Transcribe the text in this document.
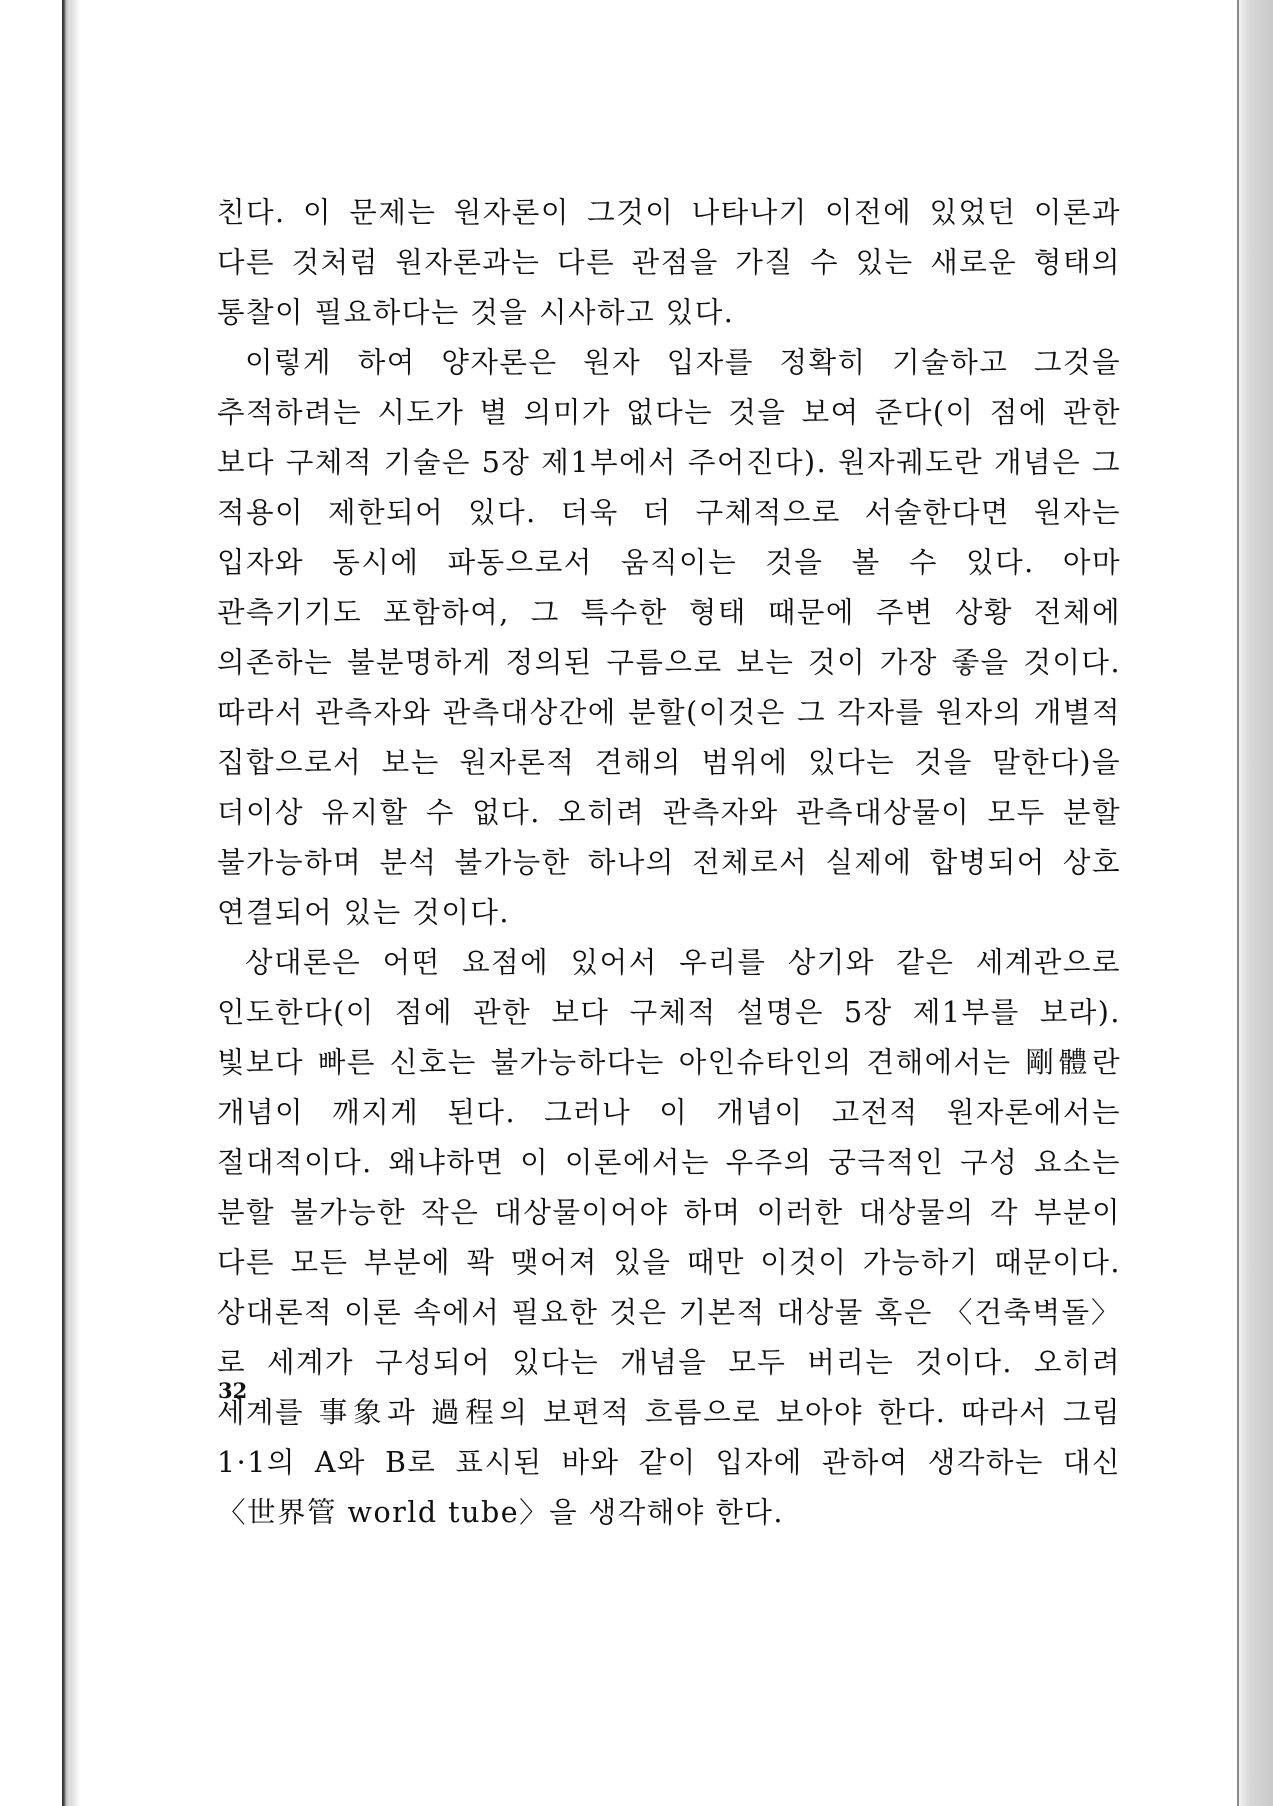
친다. 이 문제는 원자론이 그것이 나타나기 이전에 있었던 이론과 다른 것처럼 원자론과는 다른 관점을 가질 수 있는 새로운 형태의 통찰이 필요하다는 것을 시사하고 있다.

이렇게 하여 양자론은 원자 입자를 정확히 기술하고 그것을 추적하려는 시도가 별 의미가 없다는 것을 보여 준다(이 점에 관한 보다 구체적 기술은 5장 제1부에서 주어진다). 원자궤도란 개념은 그 적용이 제한되어 있다. 더욱 더 구체적으로 서술한다면 원자는 입자와 동시에 파동으로서 움직이는 것을 볼 수 있다. 아마 관측기기도 포함하여, 그 특수한 형태 때문에 주변 상황 전체에 의존하는 불분명하게 정의된 구름으로 보는 것이 가장 좋을 것이다. 따라서 관측자와 관측대상간에 분할(이것은 그 각자를 원자의 개별적 집합으로서 보는 원자론적 견해의 범위에 있다는 것을 말한다)을 더이상 유지할 수 없다. 오히려 관측자와 관측대상물이 모두 분할 불가능하며 분석 불가능한 하나의 전체로서 실제에 합병되어 상호 연결되어 있는 것이다.

상대론은 어떤 요점에 있어서 우리를 상기와 같은 세계관으로 인도한다(이 점에 관한 보다 구체적 설명은 5장 제1부를 보라). 빛보다 빠른 신호는 불가능하다는 아인슈타인의 견해에서는 剛體란 개념이 깨지게 된다. 그러나 이 개념이 고전적 원자론에서는 절대적이다. 왜냐하면 이 이론에서는 우주의 궁극적인 구성 요소는 분할 불가능한 작은 대상물이어야 하며 이러한 대상물의 각 부분이 다른 모든 부분에 꽉 맺어져 있을 때만 이것이 가능하기 때문이다. 상대론적 이론 속에서 필요한 것은 기본적 대상물 혹은 〈건축벽돌〉로 세계가 구성되어 있다는 개념을 모두 버리는 것이다. 오히려 세계를 事象과 過程의 보편적 흐름으로 보아야 한다. 따라서 그림 1·1의 A와 B로 표시된 바와 같이 입자에 관하여 생각하는 대신 〈世界管 world tube〉을 생각해야 한다.

32
